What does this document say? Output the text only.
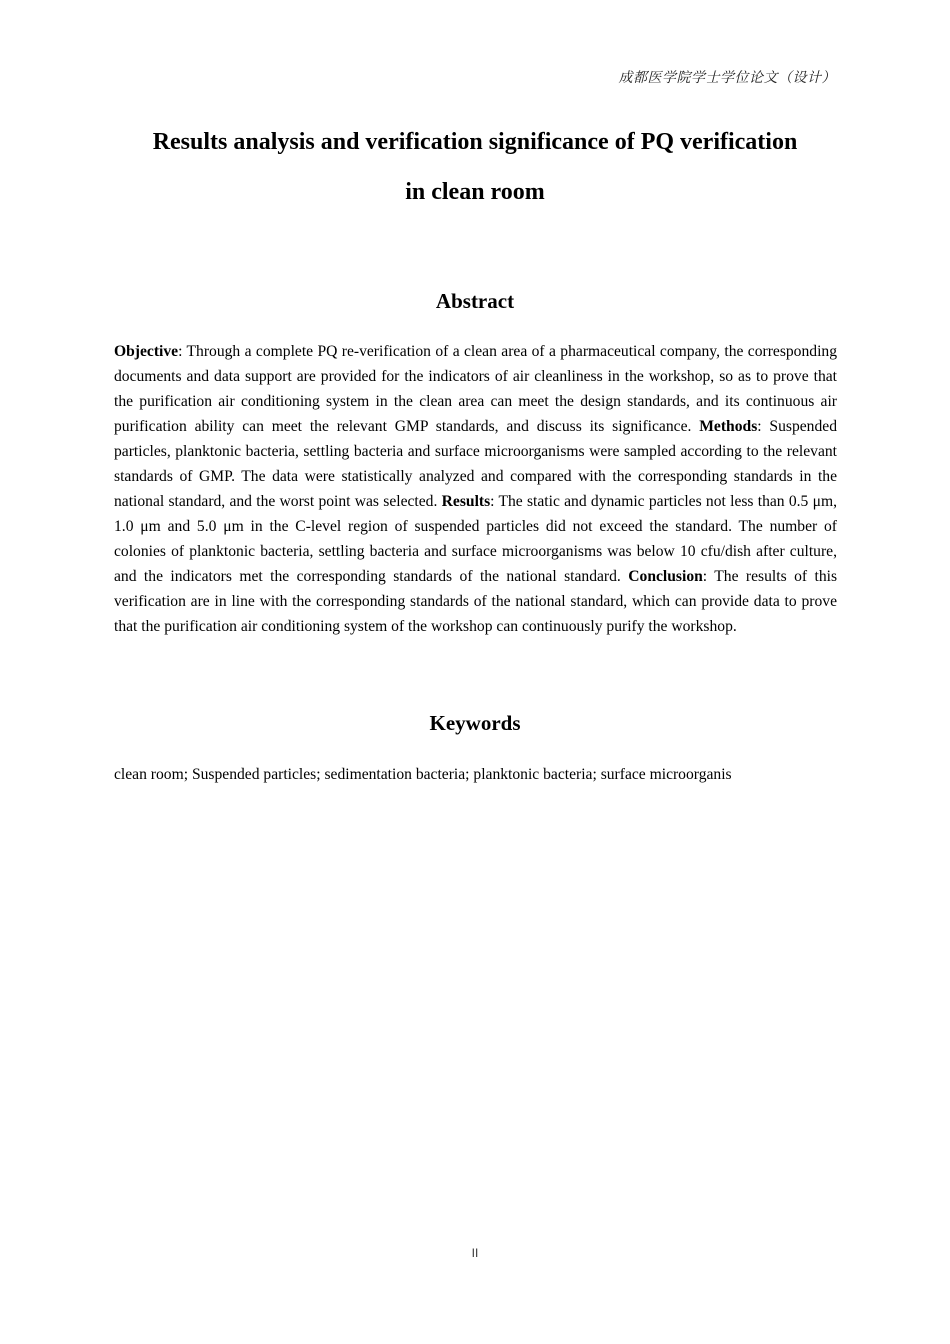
成都医学院学士学位论文（设计）
Results analysis and verification significance of PQ verification
in clean room
Abstract

Objective: Through a complete PQ re-verification of a clean area of a pharmaceutical company, the corresponding documents and data support are provided for the indicators of air cleanliness in the workshop, so as to prove that the purification air conditioning system in the clean area can meet the design standards, and its continuous air purification ability can meet the relevant GMP standards, and discuss its significance. Methods: Suspended particles, planktonic bacteria, settling bacteria and surface microorganisms were sampled according to the relevant standards of GMP. The data were statistically analyzed and compared with the corresponding standards in the national standard, and the worst point was selected. Results: The static and dynamic particles not less than 0.5 μm, 1.0 μm and 5.0 μm in the C-level region of suspended particles did not exceed the standard. The number of colonies of planktonic bacteria, settling bacteria and surface microorganisms was below 10 cfu/dish after culture, and the indicators met the corresponding standards of the national standard. Conclusion: The results of this verification are in line with the corresponding standards of the national standard, which can provide data to prove that the purification air conditioning system of the workshop can continuously purify the workshop.

Keywords

clean room; Suspended particles; sedimentation bacteria; planktonic bacteria; surface microorganis

II
